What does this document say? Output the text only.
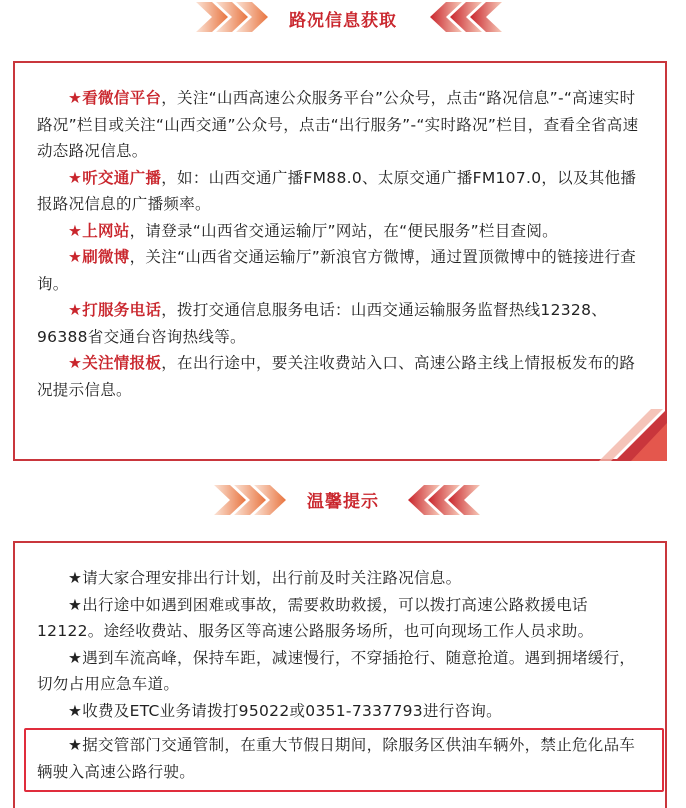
路况信息获取

★看微信平台，关注“山西高速公众服务平台”公众号，点击“路况信息”-“高速实时路况”栏目或关注“山西交通”公众号，点击“出行服务”-“实时路况”栏目，查看全省高速动态路况信息。

★听交通广播，如：山西交通广播FM88.0、太原交通广播FM107.0，以及其他播报路况信息的广播频率。

★上网站，请登录“山西省交通运输厅”网站，在“便民服务”栏目查阅。

★刷微博，关注“山西省交通运输厅”新浪官方微博，通过置顶微博中的链接进行查询。

★打服务电话，拨打交通信息服务电话：山西交通运输服务监督热线12328、96388省交通台咨询热线等。

★关注情报板，在出行途中，要关注收费站入口、高速公路主线上情报板发布的路况提示信息。

温馨提示

★请大家合理安排出行计划，出行前及时关注路况信息。

★出行途中如遇到困难或事故，需要救助救援，可以拨打高速公路救援电话12122。途经收费站、服务区等高速公路服务场所，也可向现场工作人员求助。

★遇到车流高峰，保持车距，减速慢行，不穿插抢行、随意抢道。遇到拥堵缓行，切勿占用应急车道。

★收费及ETC业务请拨打95022或0351-7337793进行咨询。

★据交管部门交通管制，在重大节假日期间，除服务区供油车辆外，禁止危化品车辆驶入高速公路行驶。
